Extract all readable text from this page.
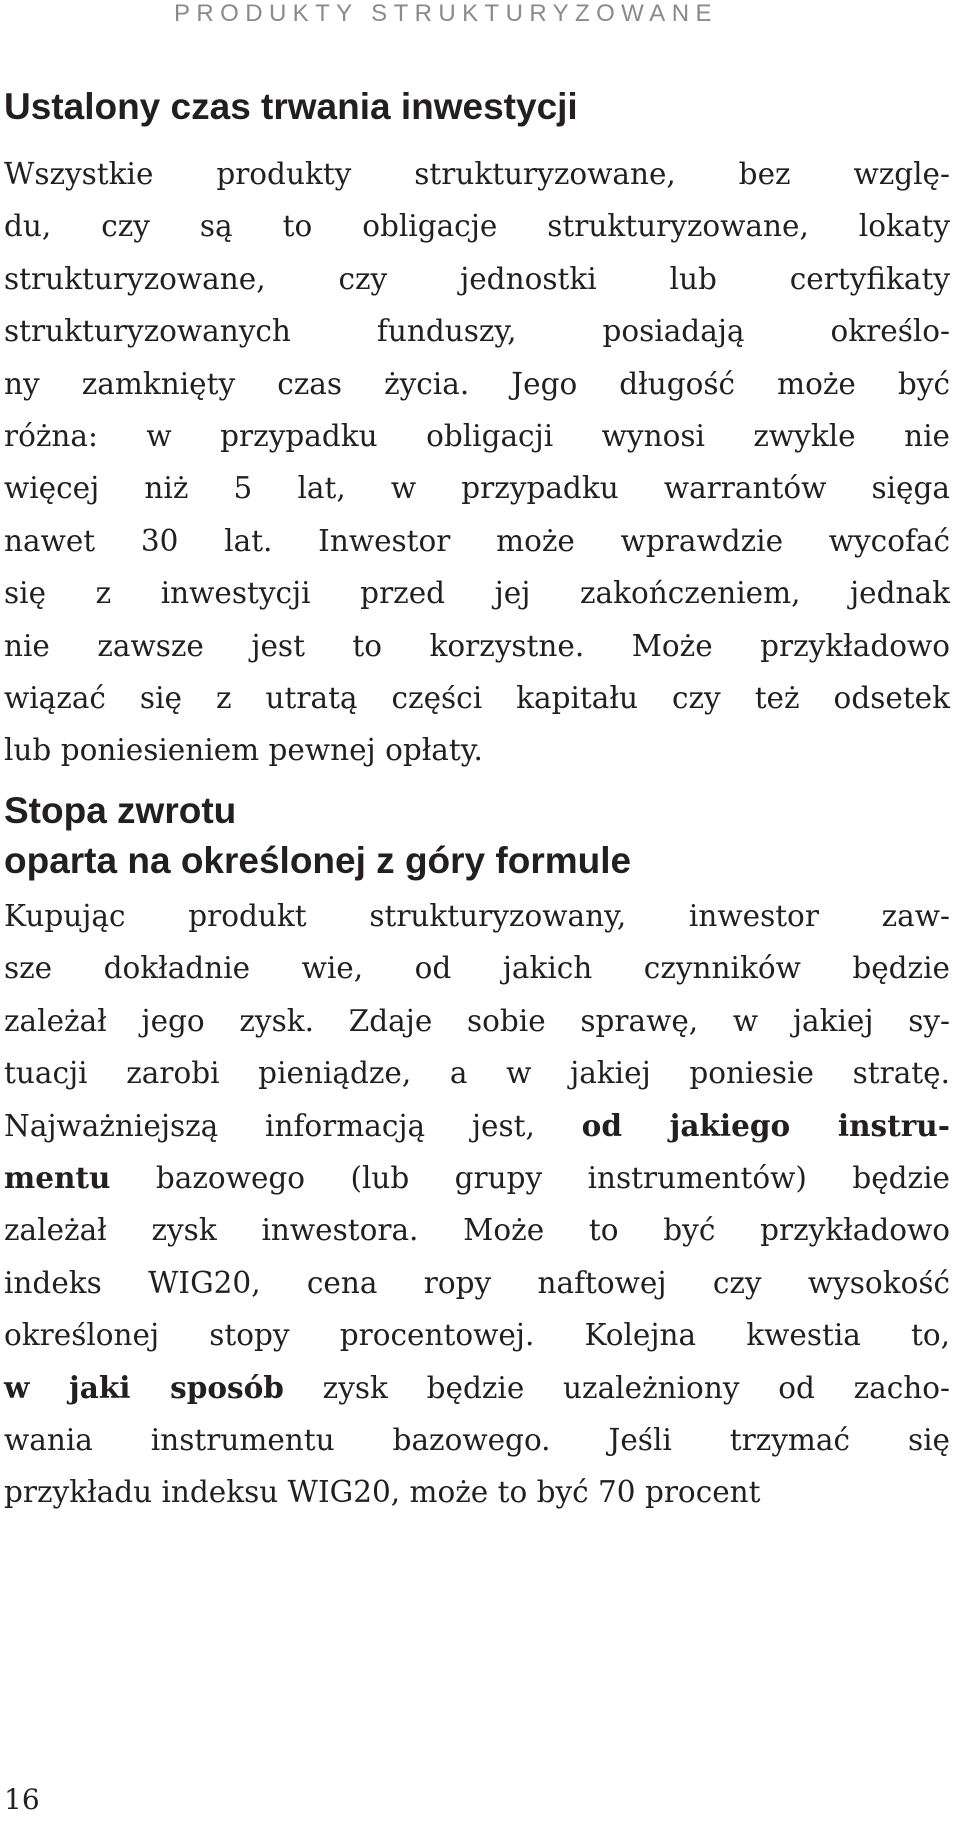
PRODUKTY STRUKTURYZOWANE
Ustalony czas trwania inwestycji

Wszystkie produkty strukturyzowane, bez wzglę-
du, czy są to obligacje strukturyzowane, lokaty
strukturyzowane, czy jednostki lub certyfikaty
strukturyzowanych funduszy, posiadają określo-
ny zamknięty czas życia. Jego długość może być
różna: w przypadku obligacji wynosi zwykle nie
więcej niż 5 lat, w przypadku warrantów sięga
nawet 30 lat. Inwestor może wprawdzie wycofać
się z inwestycji przed jej zakończeniem, jednak
nie zawsze jest to korzystne. Może przykładowo
wiązać się z utratą części kapitału czy też odsetek
lub poniesieniem pewnej opłaty.

Stopa zwrotu
oparta na określonej z góry formule

Kupując produkt strukturyzowany, inwestor zaw-
sze dokładnie wie, od jakich czynników będzie
zależał jego zysk. Zdaje sobie sprawę, w jakiej sy-
tuacji zarobi pieniądze, a w jakiej poniesie stratę.
Najważniejszą informacją jest, od jakiego instru-
mentu bazowego (lub grupy instrumentów) będzie
zależał zysk inwestora. Może to być przykładowo
indeks WIG20, cena ropy naftowej czy wysokość
określonej stopy procentowej. Kolejna kwestia to,
w jaki sposób zysk będzie uzależniony od zacho-
wania instrumentu bazowego. Jeśli trzymać się
przykładu indeksu WIG20, może to być 70 procent

16
